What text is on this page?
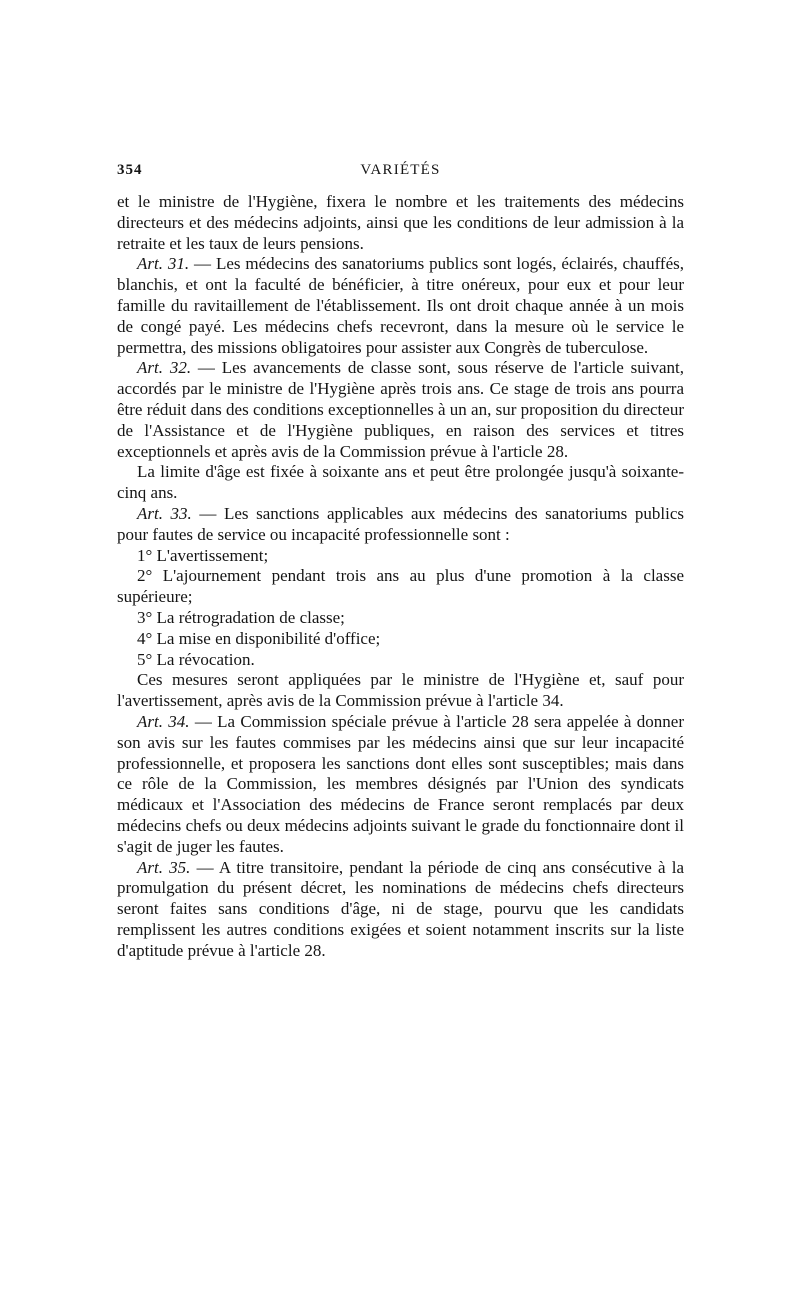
354	VARIÉTÉS

et le ministre de l'Hygiène, fixera le nombre et les traitements des médecins directeurs et des médecins adjoints, ainsi que les conditions de leur admission à la retraite et les taux de leurs pensions.

Art. 31. — Les médecins des sanatoriums publics sont logés, éclairés, chauffés, blanchis, et ont la faculté de bénéficier, à titre onéreux, pour eux et pour leur famille du ravitaillement de l'établissement. Ils ont droit chaque année à un mois de congé payé. Les médecins chefs recevront, dans la mesure où le service le permettra, des missions obligatoires pour assister aux Congrès de tuberculose.

Art. 32. — Les avancements de classe sont, sous réserve de l'article suivant, accordés par le ministre de l'Hygiène après trois ans. Ce stage de trois ans pourra être réduit dans des conditions exceptionnelles à un an, sur proposition du directeur de l'Assistance et de l'Hygiène publiques, en raison des services et titres exceptionnels et après avis de la Commission prévue à l'article 28.

La limite d'âge est fixée à soixante ans et peut être prolongée jusqu'à soixante-cinq ans.

Art. 33. — Les sanctions applicables aux médecins des sanatoriums publics pour fautes de service ou incapacité professionnelle sont :

1° L'avertissement;

2° L'ajournement pendant trois ans au plus d'une promotion à la classe supérieure;

3° La rétrogradation de classe;

4° La mise en disponibilité d'office;

5° La révocation.

Ces mesures seront appliquées par le ministre de l'Hygiène et, sauf pour l'avertissement, après avis de la Commission prévue à l'article 34.

Art. 34. — La Commission spéciale prévue à l'article 28 sera appelée à donner son avis sur les fautes commises par les médecins ainsi que sur leur incapacité professionnelle, et proposera les sanctions dont elles sont susceptibles; mais dans ce rôle de la Commission, les membres désignés par l'Union des syndicats médicaux et l'Association des médecins de France seront remplacés par deux médecins chefs ou deux médecins adjoints suivant le grade du fonctionnaire dont il s'agit de juger les fautes.

Art. 35. — A titre transitoire, pendant la période de cinq ans consécutive à la promulgation du présent décret, les nominations de médecins chefs directeurs seront faites sans conditions d'âge, ni de stage, pourvu que les candidats remplissent les autres conditions exigées et soient notamment inscrits sur la liste d'aptitude prévue à l'article 28.
